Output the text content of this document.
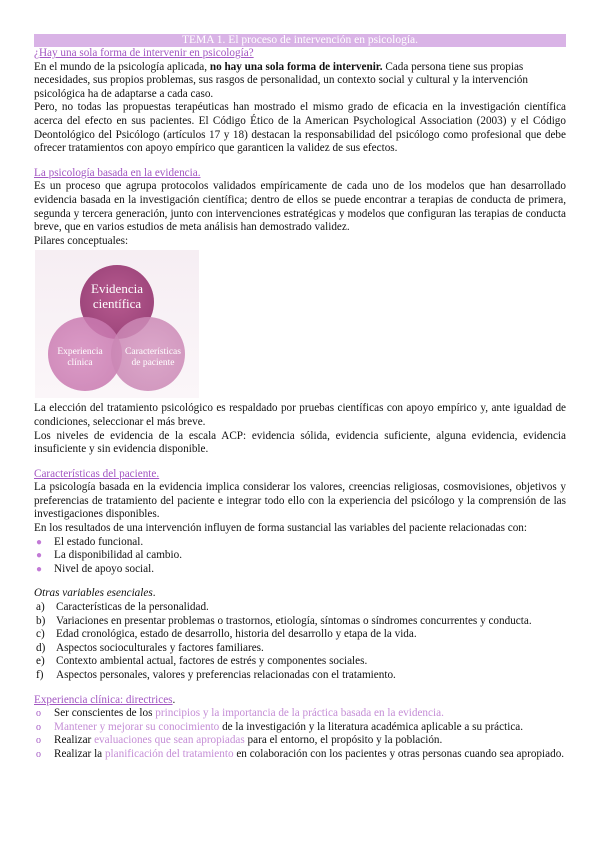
TEMA 1. El proceso de intervención en psicología.
¿Hay una sola forma de intervenir en psicología?

En el mundo de la psicología aplicada, no hay una sola forma de intervenir. Cada persona tiene sus propias necesidades, sus propios problemas, sus rasgos de personalidad, un contexto social y cultural y la intervención psicológica ha de adaptarse a cada caso.

Pero, no todas las propuestas terapéuticas han mostrado el mismo grado de eficacia en la investigación científica acerca del efecto en sus pacientes. El Código Ético de la American Psychological Association (2003) y el Código Deontológico del Psicólogo (artículos 17 y 18) destacan la responsabilidad del psicólogo como profesional que debe ofrecer tratamientos con apoyo empírico que garanticen la validez de sus efectos.

La psicología basada en la evidencia.

Es un proceso que agrupa protocolos validados empíricamente de cada uno de los modelos que han desarrollado evidencia basada en la investigación científica; dentro de ellos se puede encontrar a terapias de conducta de primera, segunda y tercera generación, junto con intervenciones estratégicas y modelos que configuran las terapias de conducta breve, que en varios estudios de meta análisis han demostrado validez.

Pilares conceptuales:

Evidencia
científica
Experiencia
clínica
Características
de paciente

La elección del tratamiento psicológico es respaldado por pruebas científicas con apoyo empírico y, ante igualdad de condiciones, seleccionar el más breve.

Los niveles de evidencia de la escala ACP: evidencia sólida, evidencia suficiente, alguna evidencia, evidencia insuficiente y sin evidencia disponible.

Características del paciente.

La psicología basada en la evidencia implica considerar los valores, creencias religiosas, cosmovisiones, objetivos y preferencias de tratamiento del paciente e integrar todo ello con la experiencia del psicólogo y la comprensión de las investigaciones disponibles.

En los resultados de una intervención influyen de forma sustancial las variables del paciente relacionadas con:

● El estado funcional.
● La disponibilidad al cambio.
● Nivel de apoyo social.

Otras variables esenciales.

a) Características de la personalidad.
b) Variaciones en presentar problemas o trastornos, etiología, síntomas o síndromes concurrentes y conducta.
c) Edad cronológica, estado de desarrollo, historia del desarrollo y etapa de la vida.
d) Aspectos socioculturales y factores familiares.
e) Contexto ambiental actual, factores de estrés y componentes sociales.
f) Aspectos personales, valores y preferencias relacionadas con el tratamiento.

Experiencia clínica: directrices.

o Ser conscientes de los principios y la importancia de la práctica basada en la evidencia.
o Mantener y mejorar su conocimiento de la investigación y la literatura académica aplicable a su práctica.
o Realizar evaluaciones que sean apropiadas para el entorno, el propósito y la población.
o Realizar la planificación del tratamiento en colaboración con los pacientes y otras personas cuando sea apropiado.
